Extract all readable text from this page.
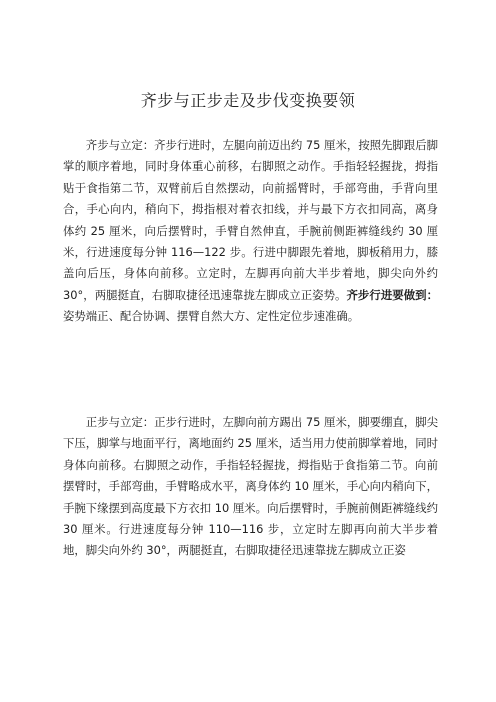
齐步与正步走及步伐变换要领

齐步与立定：齐步行进时，左腿向前迈出约 75 厘米，按照先脚跟后脚掌的顺序着地，同时身体重心前移，右脚照之动作。手指轻轻握拢，拇指贴于食指第二节，双臂前后自然摆动，向前摇臂时，手部弯曲，手背向里合，手心向内，稍向下，拇指根对着衣扣线，并与最下方衣扣同高，离身体约 25 厘米，向后摆臂时，手臂自然伸直，手腕前侧距裤缝线约 30 厘米，行进速度每分钟 116—122 步。行进中脚跟先着地，脚板稍用力，膝盖向后压，身体向前移。立定时，左脚再向前大半步着地，脚尖向外约 30°，两腿挺直，右脚取捷径迅速靠拢左脚成立正姿势。齐步行进要做到：姿势端正、配合协调、摆臂自然大方、定性定位步速准确。

正步与立定：正步行进时，左脚向前方踢出 75 厘米，脚要绷直，脚尖下压，脚掌与地面平行，离地面约 25 厘米，适当用力使前脚掌着地，同时身体向前移。右脚照之动作，手指轻轻握拢，拇指贴于食指第二节。向前摆臂时，手部弯曲，手臂略成水平，离身体约 10 厘米，手心向内稍向下，手腕下缘摆到高度最下方衣扣 10 厘米。向后摆臂时，手腕前侧距裤缝线约 30 厘米。行进速度每分钟 110—116 步，立定时左脚再向前大半步着地，脚尖向外约 30°，两腿挺直，右脚取捷径迅速靠拢左脚成立正姿
